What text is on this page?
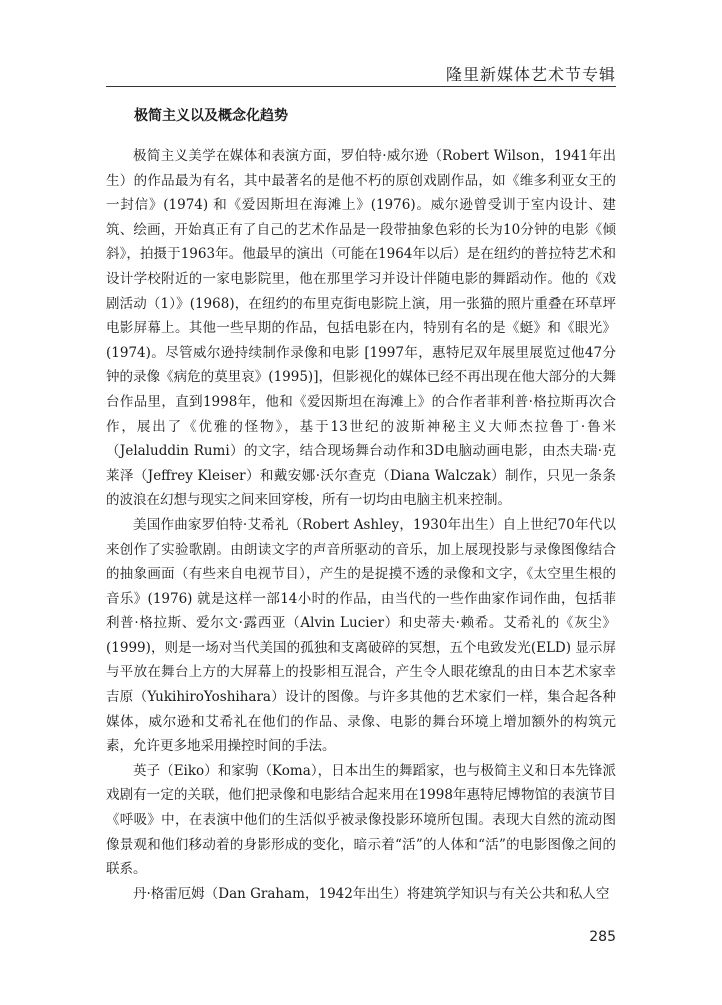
隆里新媒体艺术节专辑
极简主义以及概念化趋势

极简主义美学在媒体和表演方面，罗伯特·威尔逊（Robert Wilson，1941年出生）的作品最为有名，其中最著名的是他不朽的原创戏剧作品，如《维多利亚女王的一封信》(1974) 和《爱因斯坦在海滩上》(1976)。威尔逊曾受训于室内设计、建筑、绘画，开始真正有了自己的艺术作品是一段带抽象色彩的长为10分钟的电影《倾斜》，拍摄于1963年。他最早的演出（可能在1964年以后）是在纽约的普拉特艺术和设计学校附近的一家电影院里，他在那里学习并设计伴随电影的舞蹈动作。他的《戏剧活动（1）》(1968)，在纽约的布里克街电影院上演，用一张猫的照片重叠在环草坪电影屏幕上。其他一些早期的作品，包括电影在内，特别有名的是《蜓》和《眼光》(1974)。尽管威尔逊持续制作录像和电影 [1997年，惠特尼双年展里展览过他47分钟的录像《病危的莫里哀》(1995)]，但影视化的媒体已经不再出现在他大部分的大舞台作品里，直到1998年，他和《爱因斯坦在海滩上》的合作者菲利普·格拉斯再次合作，展出了《优雅的怪物》，基于13世纪的波斯神秘主义大师杰拉鲁丁·鲁米（Jelaluddin Rumi）的文字，结合现场舞台动作和3D电脑动画电影，由杰夫瑞·克莱泽（Jeffrey Kleiser）和戴安娜·沃尔查克（Diana Walczak）制作，只见一条条的波浪在幻想与现实之间来回穿梭，所有一切均由电脑主机来控制。

美国作曲家罗伯特·艾希礼（Robert Ashley，1930年出生）自上世纪70年代以来创作了实验歌剧。由朗读文字的声音所驱动的音乐，加上展现投影与录像图像结合的抽象画面（有些来自电视节目），产生的是捉摸不透的录像和文字，《太空里生根的音乐》(1976) 就是这样一部14小时的作品，由当代的一些作曲家作词作曲，包括菲利普·格拉斯、爱尔文·露西亚（Alvin Lucier）和史蒂夫·赖希。艾希礼的《灰尘》(1999)，则是一场对当代美国的孤独和支离破碎的冥想，五个电致发光(ELD) 显示屏与平放在舞台上方的大屏幕上的投影相互混合，产生令人眼花缭乱的由日本艺术家幸吉原（YukihiroYoshihara）设计的图像。与许多其他的艺术家们一样，集合起各种媒体，威尔逊和艾希礼在他们的作品、录像、电影的舞台环境上增加额外的构筑元素，允许更多地采用操控时间的手法。

英子（Eiko）和家驹（Koma），日本出生的舞蹈家，也与极简主义和日本先锋派戏剧有一定的关联，他们把录像和电影结合起来用在1998年惠特尼博物馆的表演节目《呼吸》中，在表演中他们的生活似乎被录像投影环境所包围。表现大自然的流动图像景观和他们移动着的身影形成的变化，暗示着“活”的人体和“活”的电影图像之间的联系。

丹·格雷厄姆（Dan Graham，1942年出生）将建筑学知识与有关公共和私人空

285
